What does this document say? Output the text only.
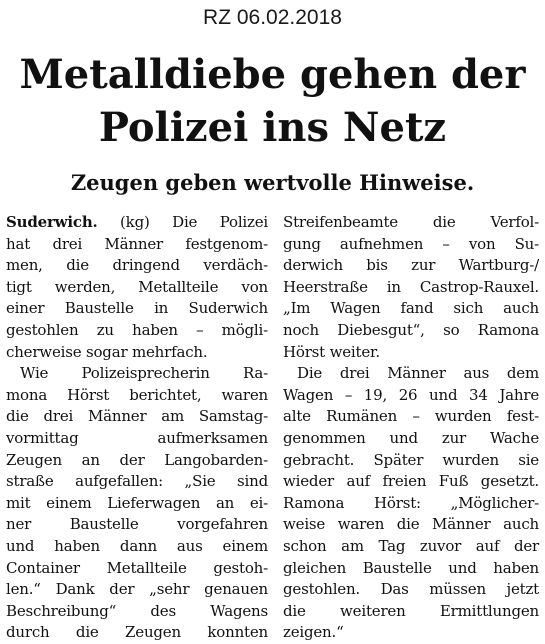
RZ 06.02.2018
Metalldiebe gehen der
Polizei ins Netz
Zeugen geben wertvolle Hinweise.
Suderwich. (kg) Die Polizei
hat drei Männer festgenom-
men, die dringend verdäch-
tigt werden, Metallteile von
einer Baustelle in Suderwich
gestohlen zu haben – mögli-
cherweise sogar mehrfach.
Wie Polizeisprecherin Ra-
mona Hörst berichtet, waren
die drei Männer am Samstag-
vormittag aufmerksamen
Zeugen an der Langobarden-
straße aufgefallen: „Sie sind
mit einem Lieferwagen an ei-
ner Baustelle vorgefahren
und haben dann aus einem
Container Metallteile gestoh-
len.“ Dank der „sehr genauen
Beschreibung“ des Wagens
durch die Zeugen konnten
Streifenbeamte die Verfol-
gung aufnehmen – von Su-
derwich bis zur Wartburg-/
Heerstraße in Castrop-Rauxel.
„Im Wagen fand sich auch
noch Diebesgut“, so Ramona
Hörst weiter.
Die drei Männer aus dem
Wagen – 19, 26 und 34 Jahre
alte Rumänen – wurden fest-
genommen und zur Wache
gebracht. Später wurden sie
wieder auf freien Fuß gesetzt.
Ramona Hörst: „Möglicher-
weise waren die Männer auch
schon am Tag zuvor auf der
gleichen Baustelle und haben
gestohlen. Das müssen jetzt
die weiteren Ermittlungen
zeigen.“
